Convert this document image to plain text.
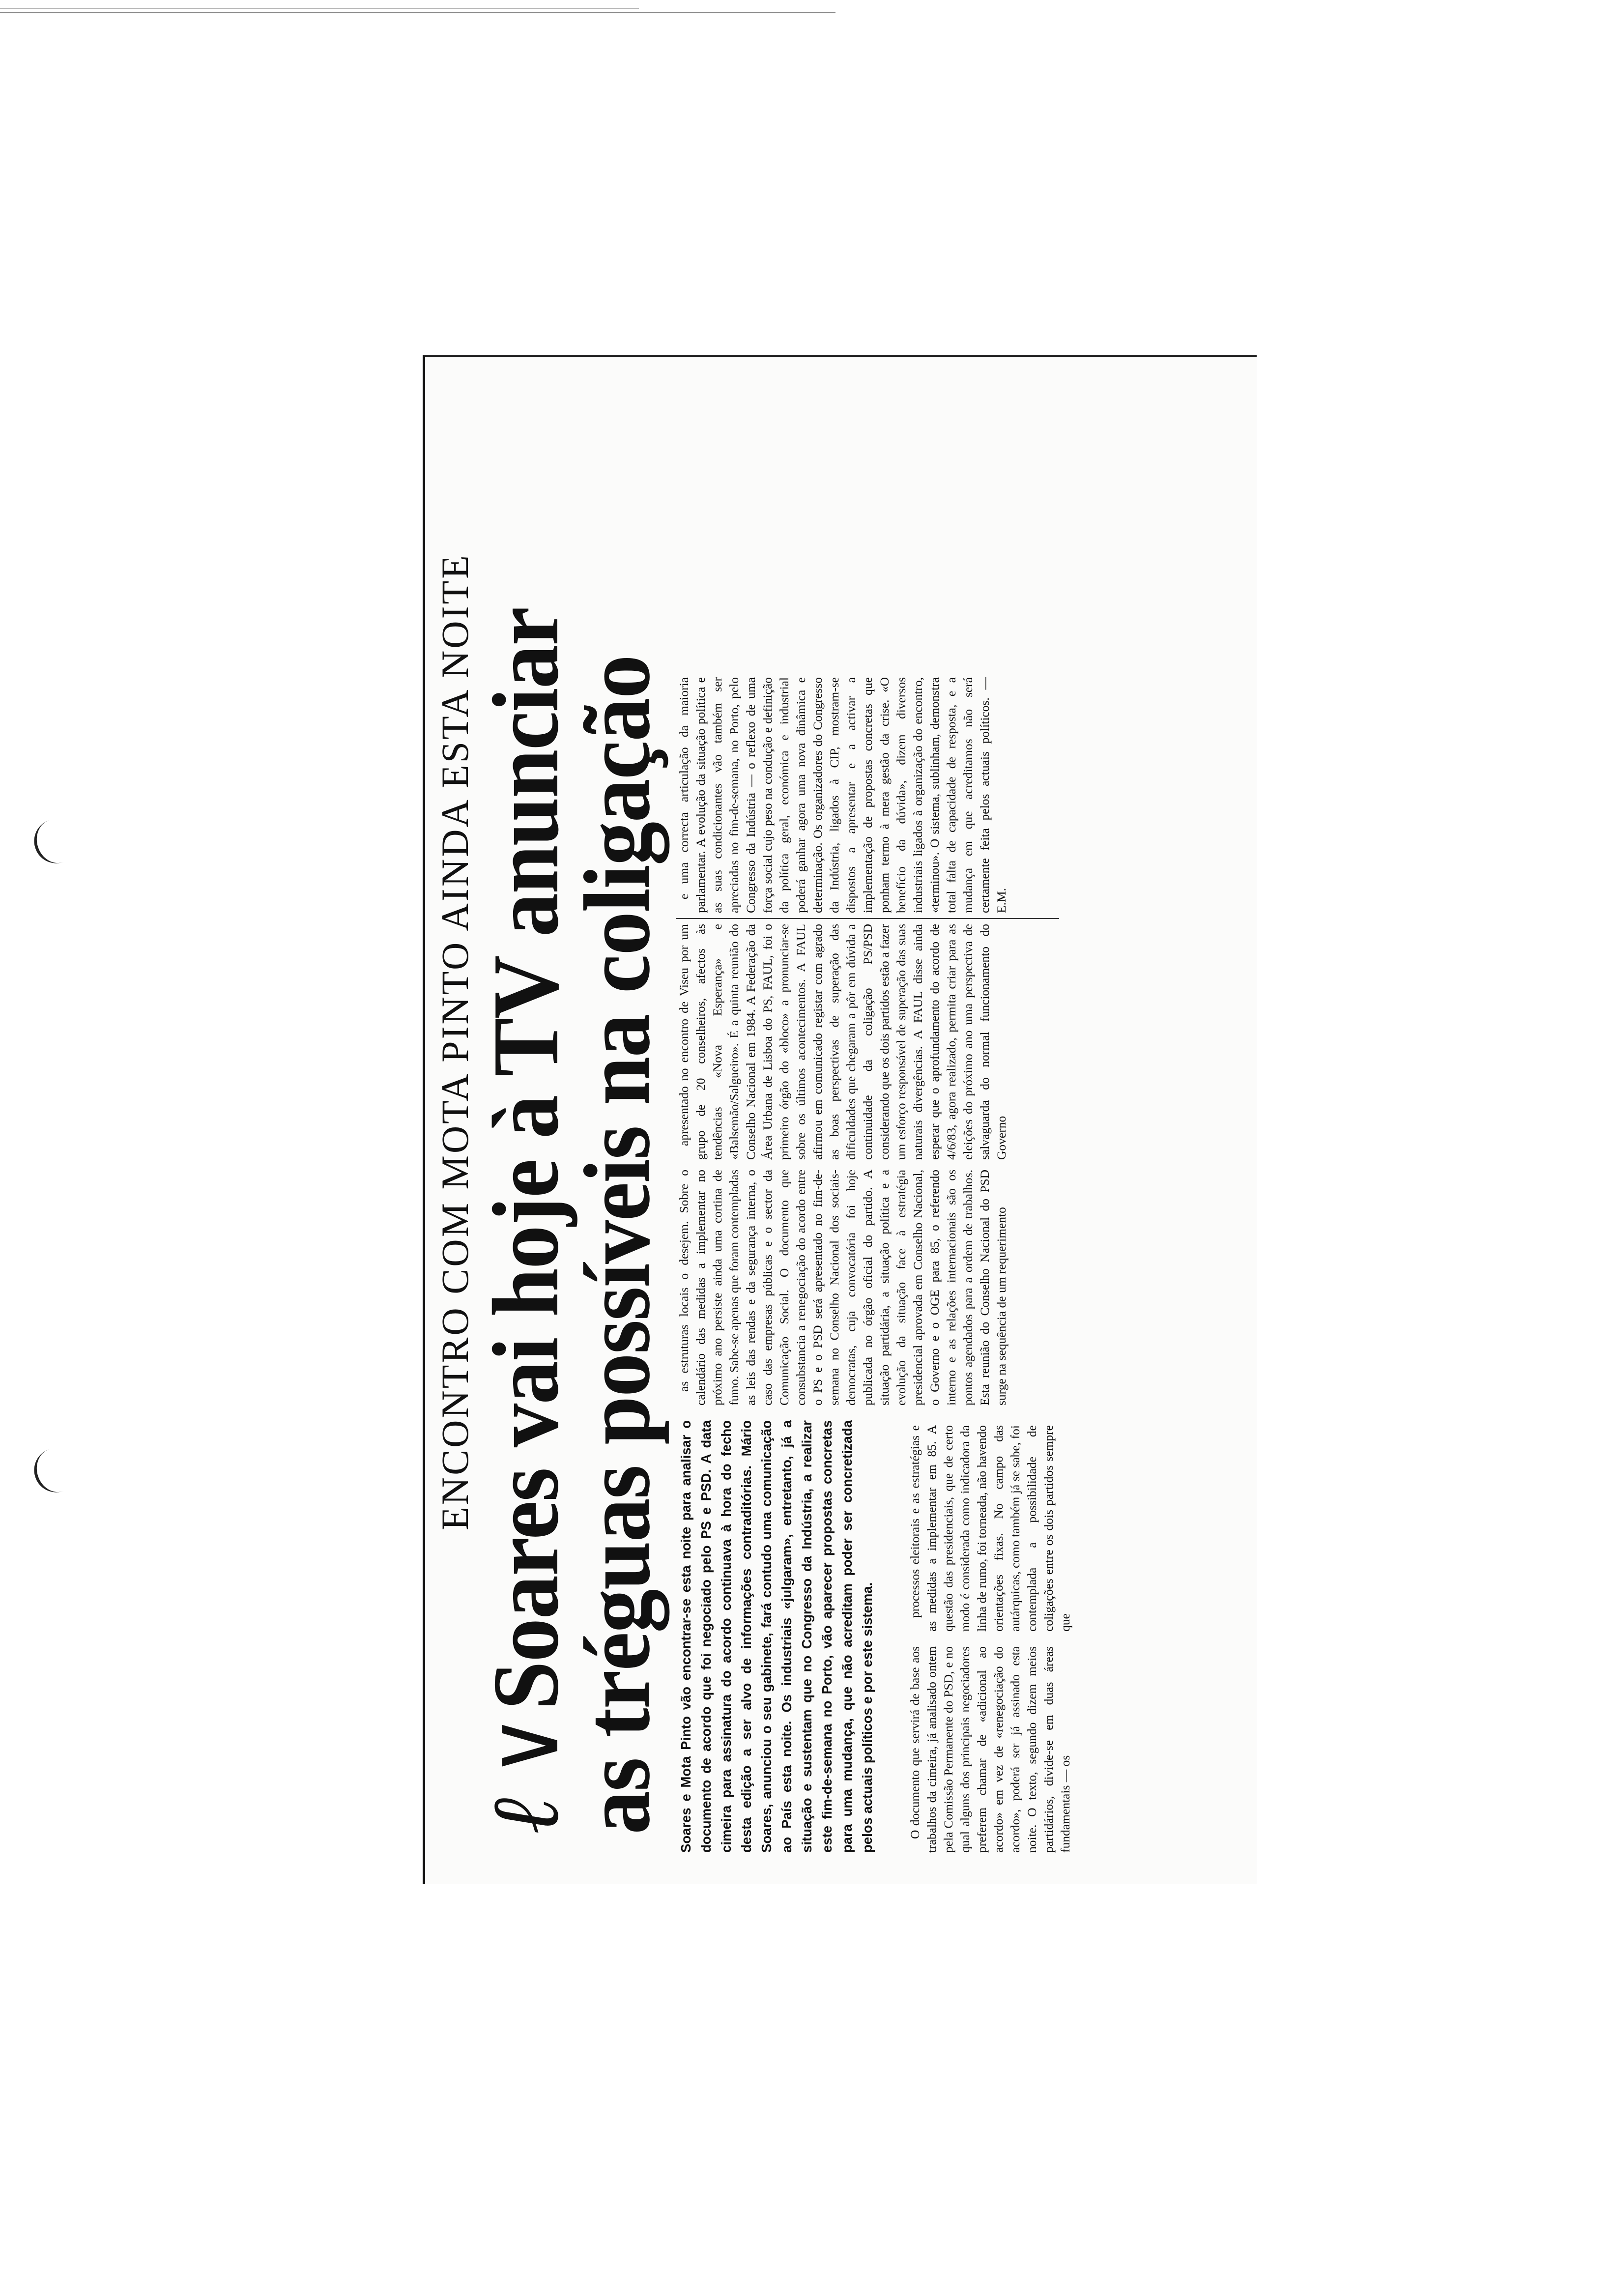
ENCONTRO COM MOTA PINTO AINDA ESTA NOITE
ℓ ∨Soares vai hoje à TV anunciar
as tréguas possíveis na coligação Soares e Mota Pinto vão encontrar-se esta noite para analisar o documento de acordo que foi negociado pelo PS e PSD. A data cimeira para assinatura do acordo continuava à hora do fecho desta edição a ser alvo de informações contraditórias. Mário Soares, anunciou o seu gabinete, fará contudo uma comunicação ao País esta noite. Os industriais «julgaram», entretanto, já a situação e sustentam que no Congresso da Indústria, a realizar este fim-de-semana no Porto, vão aparecer propostas concretas para uma mudança, que não acreditam poder ser concretizada pelos actuais políticos e por este sistema.	O documento que servirá de base aos trabalhos da cimeira, já analisado ontem pela Comissão Permanente do PSD, e no qual alguns dos principais negociadores preferem chamar de «adicional ao acordo» em vez de «renegociação do acordo», poderá ser já assinado esta noite. O texto, segundo dizem meios partidários, divide-se em duas áreas fundamentais — os

processos eleitorais e as estratégias e as medidas a implementar em 85. A questão das presidenciais, que de certo modo é considerada como indicadora da linha de rumo, foi torneada, não havendo orientações fixas. No campo das autárquicas, como também já se sabe, foi contemplada a possibilidade de coligações entre os dois partidos sempre que

as estruturas locais o desejem. Sobre o calendário das medidas a implementar no próximo ano persiste ainda uma cortina de fumo. Sabe-se apenas que foram contempladas as leis das rendas e da segurança interna, o caso das empresas públicas e o sector da Comunicação Social. O documento que consubstancia a renegociação do acordo entre o PS e o PSD será apresentado no fim-de-semana no Conselho Nacional dos sociais-democratas, cuja convocatória foi hoje publicada no órgão oficial do partido. A situação partidária, a situação política e a evolução da situação face à estratégia presidencial aprovada em Conselho Nacional, o Governo e o OGE para 85, o referendo interno e as relações internacionais são os pontos agendados para a ordem de trabalhos. Esta reunião do Conselho Nacional do PSD surge na sequência de um requerimento

apresentado no encontro de Viseu por um grupo de 20 conselheiros, afectos às tendências «Nova Esperança» e «Balsemão/Salgueiro». É a quinta reunião do Conselho Nacional em 1984. A Federação da Área Urbana de Lisboa do PS, FAUL, foi o primeiro órgão do «bloco» a pronunciar-se sobre os últimos acontecimentos. A FAUL afirmou em comunicado registar com agrado as boas perspectivas de superação das dificuldades que chegaram a pôr em dúvida a continuidade da coligação PS/PSD considerando que os dois partidos estão a fazer um esforço responsável de superação das suas naturais divergências. A FAUL disse ainda esperar que o aprofundamento do acordo de 4/6/83, agora realizado, permita criar para as eleições do próximo ano uma perspectiva de salvaguarda do normal funcionamento do Governo

e uma correcta articulação da maioria parlamentar. A evolução da situação política e as suas condicionantes vão também ser apreciadas no fim-de-semana, no Porto, pelo Congresso da Indústria — o reflexo de uma força social cujo peso na condução e definição da política geral, económica e industrial poderá ganhar agora uma nova dinâmica e determinação. Os organizadores do Congresso da Indústria, ligados à CIP, mostram-se dispostos a apresentar e a activar a implementação de propostas concretas que ponham termo à mera gestão da crise. «O benefício da dúvida», dizem diversos industriais ligados à organização do encontro, «terminou». O sistema, sublinham, demonstra total falta de capacidade de resposta, e a mudança em que acreditamos não será certamente feita pelos actuais políticos. — E.M.
